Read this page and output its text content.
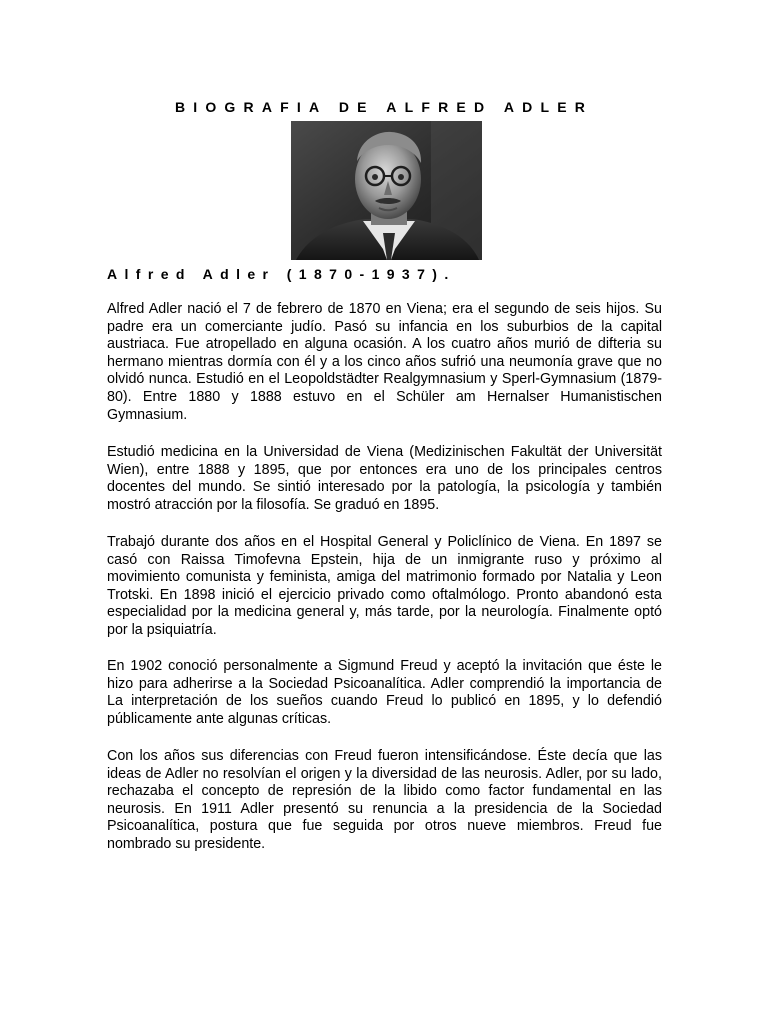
BIOGRAFIA DE ALFRED ADLER
Alfred Adler (1870-1937).

Alfred Adler nació el 7 de febrero de 1870 en Viena; era el segundo de seis hijos. Su padre era un comerciante judío. Pasó su infancia en los suburbios de la capital austriaca. Fue atropellado en alguna ocasión. A los cuatro años murió de difteria su hermano mientras dormía con él y a los cinco años sufrió una neumonía grave que no olvidó nunca. Estudió en el Leopoldstädter Realgymnasium y Sperl-Gymnasium (1879-80). Entre 1880 y 1888 estuvo en el Schüler am Hernalser Humanistischen Gymnasium.

Estudió medicina en la Universidad de Viena (Medizinischen Fakultät der Universität Wien), entre 1888 y 1895, que por entonces era uno de los principales centros docentes del mundo. Se sintió interesado por la patología, la psicología y también mostró atracción por la filosofía. Se graduó en 1895.

Trabajó durante dos años en el Hospital General y Policlínico de Viena. En 1897 se casó con Raissa Timofevna Epstein, hija de un inmigrante ruso y próximo al movimiento comunista y feminista, amiga del matrimonio formado por Natalia y Leon Trotski. En 1898 inició el ejercicio privado como oftalmólogo. Pronto abandonó esta especialidad por la medicina general y, más tarde, por la neurología. Finalmente optó por la psiquiatría.

En 1902 conoció personalmente a Sigmund Freud y aceptó la invitación que éste le hizo para adherirse a la Sociedad Psicoanalítica. Adler comprendió la importancia de La interpretación de los sueños cuando Freud lo publicó en 1895, y lo defendió públicamente ante algunas críticas.

Con los años sus diferencias con Freud fueron intensificándose. Éste decía que las ideas de Adler no resolvían el origen y la diversidad de las neurosis. Adler, por su lado, rechazaba el concepto de represión de la libido como factor fundamental en las neurosis. En 1911 Adler presentó su renuncia a la presidencia de la Sociedad Psicoanalítica, postura que fue seguida por otros nueve miembros. Freud fue nombrado su presidente.
